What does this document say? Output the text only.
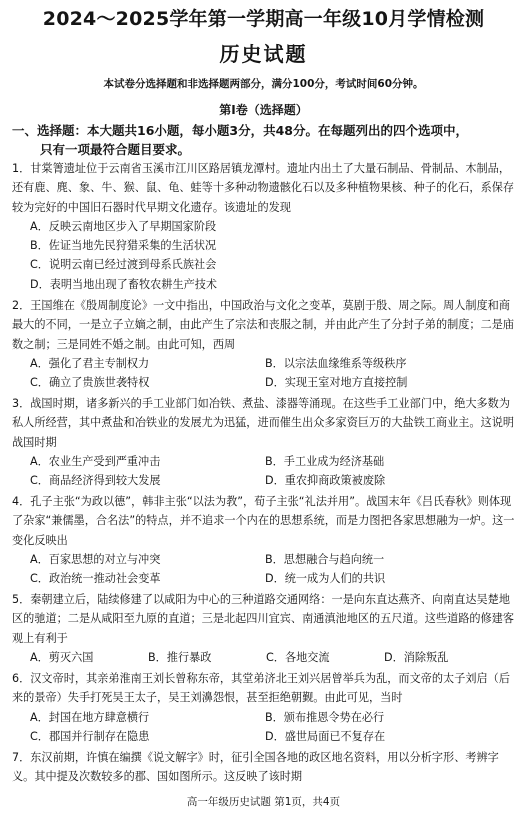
2024～2025学年第一学期高一年级10月学情检测
历史试题
本试卷分选择题和非选择题两部分，满分100分，考试时间60分钟。
第Ⅰ卷（选择题）
一、选择题：本大题共16小题，每小题3分，共48分。在每题列出的四个选项中，
只有一项最符合题目要求。

1．甘棠箐遗址位于云南省玉溪市江川区路居镇龙潭村。遗址内出土了大量石制品、骨制品、木制品，还有鹿、麂、象、牛、猴、鼠、龟、蛙等十多种动物遗骸化石以及多种植物果核、种子的化石，系保存较为完好的中国旧石器时代早期文化遗存。该遗址的发现

A．反映云南地区步入了早期国家阶段
B．佐证当地先民狩猎采集的生活状况
C．说明云南已经过渡到母系氏族社会
D．表明当地出现了畜牧农耕生产技术

2．王国维在《殷周制度论》一文中指出，中国政治与文化之变革，莫剧于殷、周之际。周人制度和商最大的不同，一是立子立嫡之制，由此产生了宗法和丧服之制，并由此产生了分封子弟的制度；二是庙数之制；三是同姓不婚之制。由此可知，西周

A．强化了君主专制权力	B．以宗法血缘维系等级秩序
C．确立了贵族世袭特权	D．实现王室对地方直接控制

3．战国时期，诸多新兴的手工业部门如冶铁、煮盐、漆器等涌现。在这些手工业部门中，绝大多数为私人所经营，其中煮盐和冶铁业的发展尤为迅猛，进而催生出众多家资巨万的大盐铁工商业主。这说明战国时期

A．农业生产受到严重冲击	B．手工业成为经济基础
C．商品经济得到较大发展	D．重农抑商政策被废除

4．孔子主张“为政以德”，韩非主张“以法为教”，荀子主张“礼法并用”。战国末年《吕氏春秋》则体现了杂家“兼儒墨，合名法”的特点，并不追求一个内在的思想系统，而是力图把各家思想融为一炉。这一变化反映出

A．百家思想的对立与冲突	B．思想融合与趋向统一
C．政治统一推动社会变革	D．统一成为人们的共识

5．秦朝建立后，陆续修建了以咸阳为中心的三种道路交通网络：一是向东直达燕齐、向南直达吴楚地区的驰道；二是从咸阳至九原的直道；三是北起四川宜宾、南通滇池地区的五尺道。这些道路的修建客观上有利于

A．剪灭六国	B．推行暴政	C．各地交流	D．消除叛乱

6．汉文帝时，其亲弟淮南王刘长曾称东帝，其堂弟济北王刘兴居曾举兵为乱，而文帝的太子刘启（后来的景帝）失手打死吴王太子，吴王刘濞怨恨，甚至拒绝朝觐。由此可见，当时

A．封国在地方肆意横行	B．颁布推恩令势在必行
C．郡国并行制存在隐患	D．盛世局面已不复存在
高一年级历史试题 第1页，共4页

7．东汉前期，许慎在编撰《说文解字》时，征引全国各地的政区地名资料，用以分析字形、考辨字义。其中提及次数较多的郡、国如图所示。这反映了该时期
